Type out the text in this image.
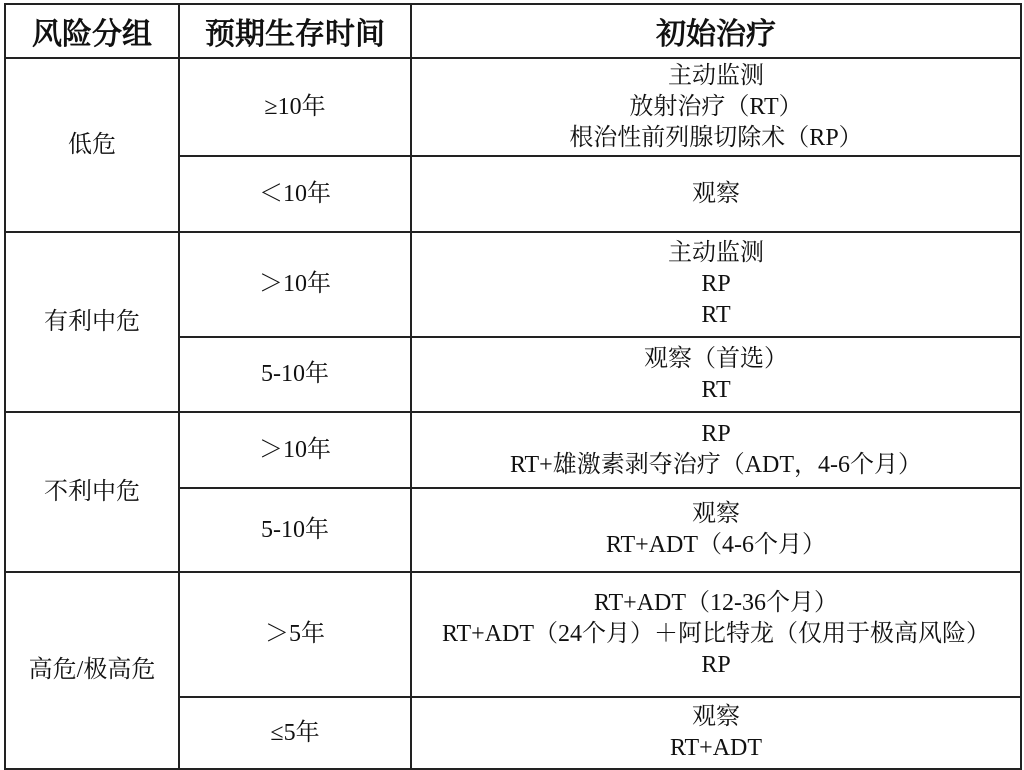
风险分组	预期生存时间	初始治疗
低危	≥10年	主动监测
放射治疗（RT）
根治性前列腺切除术（RP）

	＜10年	观察

有利中危	＞10年	主动监测
RP
RT

	5-10年	观察（首选）
RT

不利中危	＞10年	RP
RT+雄激素剥夺治疗（ADT，4-6个月）

	5-10年	观察
RT+ADT（4-6个月）

高危/极高危	＞5年	RT+ADT（12-36个月）
RT+ADT（24个月）＋阿比特龙（仅用于极高风险）
RP

	≤5年	观察
RT+ADT
